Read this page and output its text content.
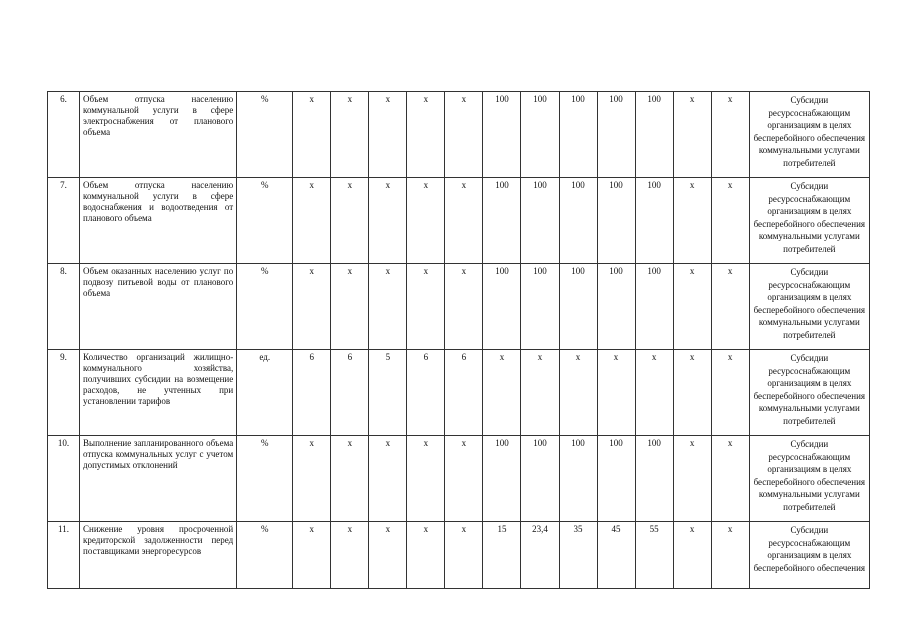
6.	Объем отпуска населению коммунальной услуги в сфере электроснабжения от планового объема	%	x	x	x	x	x	100	100	100	100	100	x	x	Субсидии ресурсоснабжающим организациям в целях бесперебойного обеспечения коммунальными услугами потребителей
7.	Объем отпуска населению коммунальной услуги в сфере водоснабжения и водоотведения от планового объема	%	x	x	x	x	x	100	100	100	100	100	x	x	Субсидии ресурсоснабжающим организациям в целях бесперебойного обеспечения коммунальными услугами потребителей
8.	Объем оказанных населению услуг по подвозу питьевой воды от планового объема	%	x	x	x	x	x	100	100	100	100	100	x	x	Субсидии ресурсоснабжающим организациям в целях бесперебойного обеспечения коммунальными услугами потребителей
9.	Количество организаций жилищно-коммунального хозяйства, получивших субсидии на возмещение расходов, не учтенных при установлении тарифов	ед.	6	6	5	6	6	x	x	x	x	x	x	x	Субсидии ресурсоснабжающим организациям в целях бесперебойного обеспечения коммунальными услугами потребителей
10.	Выполнение запланированного объема отпуска коммунальных услуг с учетом допустимых отклонений	%	x	x	x	x	x	100	100	100	100	100	x	x	Субсидии ресурсоснабжающим организациям в целях бесперебойного обеспечения коммунальными услугами потребителей
11.	Снижение уровня просроченной кредиторской задолженности перед поставщиками энергоресурсов	%	x	x	x	x	x	15	23,4	35	45	55	x	x	Субсидии ресурсоснабжающим организациям в целях бесперебойного обеспечения
